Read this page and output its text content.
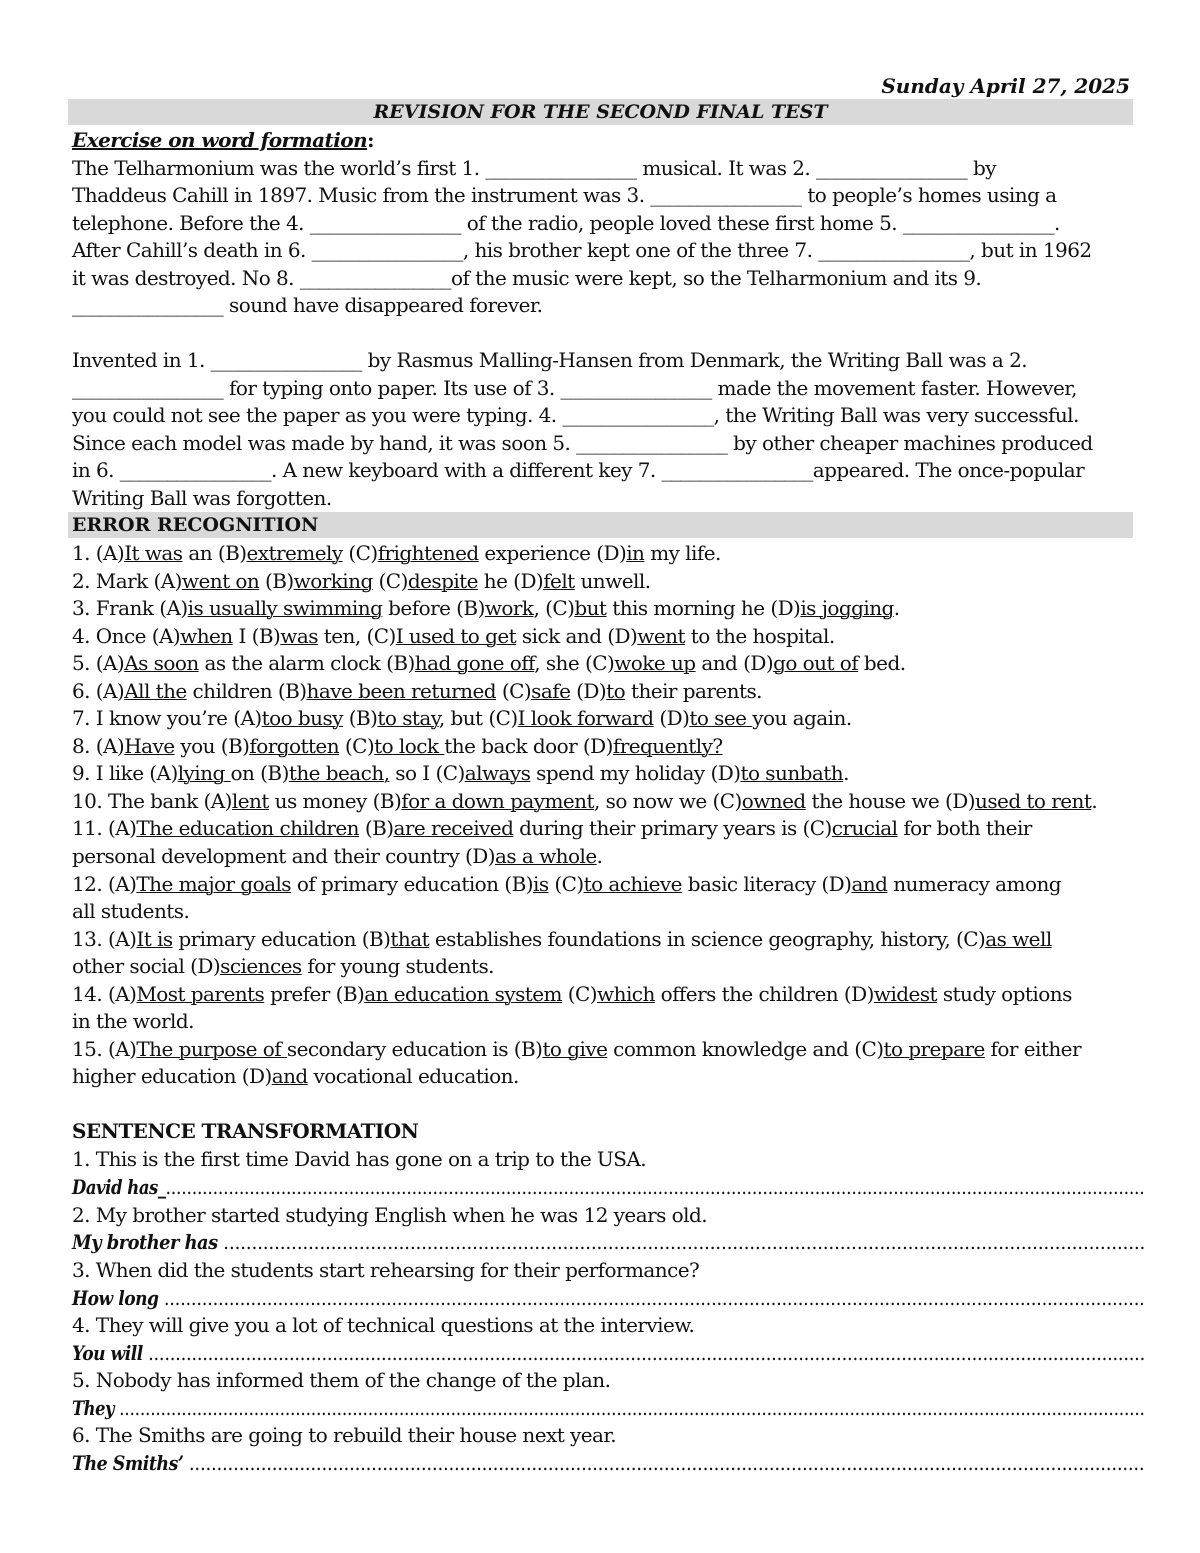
Sunday April 27, 2025
REVISION FOR THE SECOND FINAL TEST
Exercise on word formation:
The Telharmonium was the world’s first 1. ________________ musical. It was 2. ________________ by
Thaddeus Cahill in 1897. Music from the instrument was 3. ________________ to people’s homes using a
telephone. Before the 4. ________________ of the radio, people loved these first home 5. ________________.
After Cahill’s death in 6. ________________, his brother kept one of the three 7. ________________, but in 1962
it was destroyed. No 8. ________________of the music were kept, so the Telharmonium and its 9.
________________ sound have disappeared forever.
Invented in 1. ________________ by Rasmus Malling-Hansen from Denmark, the Writing Ball was a 2.
________________ for typing onto paper. Its use of 3. ________________ made the movement faster. However,
you could not see the paper as you were typing. 4. ________________, the Writing Ball was very successful.
Since each model was made by hand, it was soon 5. ________________ by other cheaper machines produced
in 6. ________________. A new keyboard with a different key 7. ________________appeared. The once-popular
Writing Ball was forgotten.
ERROR RECOGNITION
1. (A)It was an (B)extremely (C)frightened experience (D)in my life.
2. Mark (A)went on (B)working (C)despite he (D)felt unwell.
3. Frank (A)is usually swimming before (B)work, (C)but this morning he (D)is jogging.
4. Once (A)when I (B)was ten, (C)I used to get sick and (D)went to the hospital.
5. (A)As soon as the alarm clock (B)had gone off, she (C)woke up and (D)go out of bed.
6. (A)All the children (B)have been returned (C)safe (D)to their parents.
7. I know you’re (A)too busy (B)to stay, but (C)I look forward (D)to see you again.
8. (A)Have you (B)forgotten (C)to lock the back door (D)frequently?
9. I like (A)lying on (B)the beach, so I (C)always spend my holiday (D)to sunbath.
10. The bank (A)lent us money (B)for a down payment, so now we (C)owned the house we (D)used to rent.
11. (A)The education children (B)are received during their primary years is (C)crucial for both their
personal development and their country (D)as a whole.
12. (A)The major goals of primary education (B)is (C)to achieve basic literacy (D)and numeracy among
all students.
13. (A)It is primary education (B)that establishes foundations in science geography, history, (C)as well
other social (D)sciences for young students.
14. (A)Most parents prefer (B)an education system (C)which offers the children (D)widest study options
in the world.
15. (A)The purpose of secondary education is (B)to give common knowledge and (C)to prepare for either
higher education (D)and vocational education.
SENTENCE TRANSFORMATION
1. This is the first time David has gone on a trip to the USA.
David has_...........................................................................................................................................................................................
2. My brother started studying English when he was 12 years old.
My brother has ...................................................................................................................................................................
3. When did the students start rehearsing for their performance?
How long .....................................................................................................................................................................................
4. They will give you a lot of technical questions at the interview.
You will ........................................................................................................................................................................................
5. Nobody has informed them of the change of the plan.
They ......................................................................................................................................................................................................
6. The Smiths are going to rebuild their house next year.
The Smiths’ .............................................................................................................................................................................
